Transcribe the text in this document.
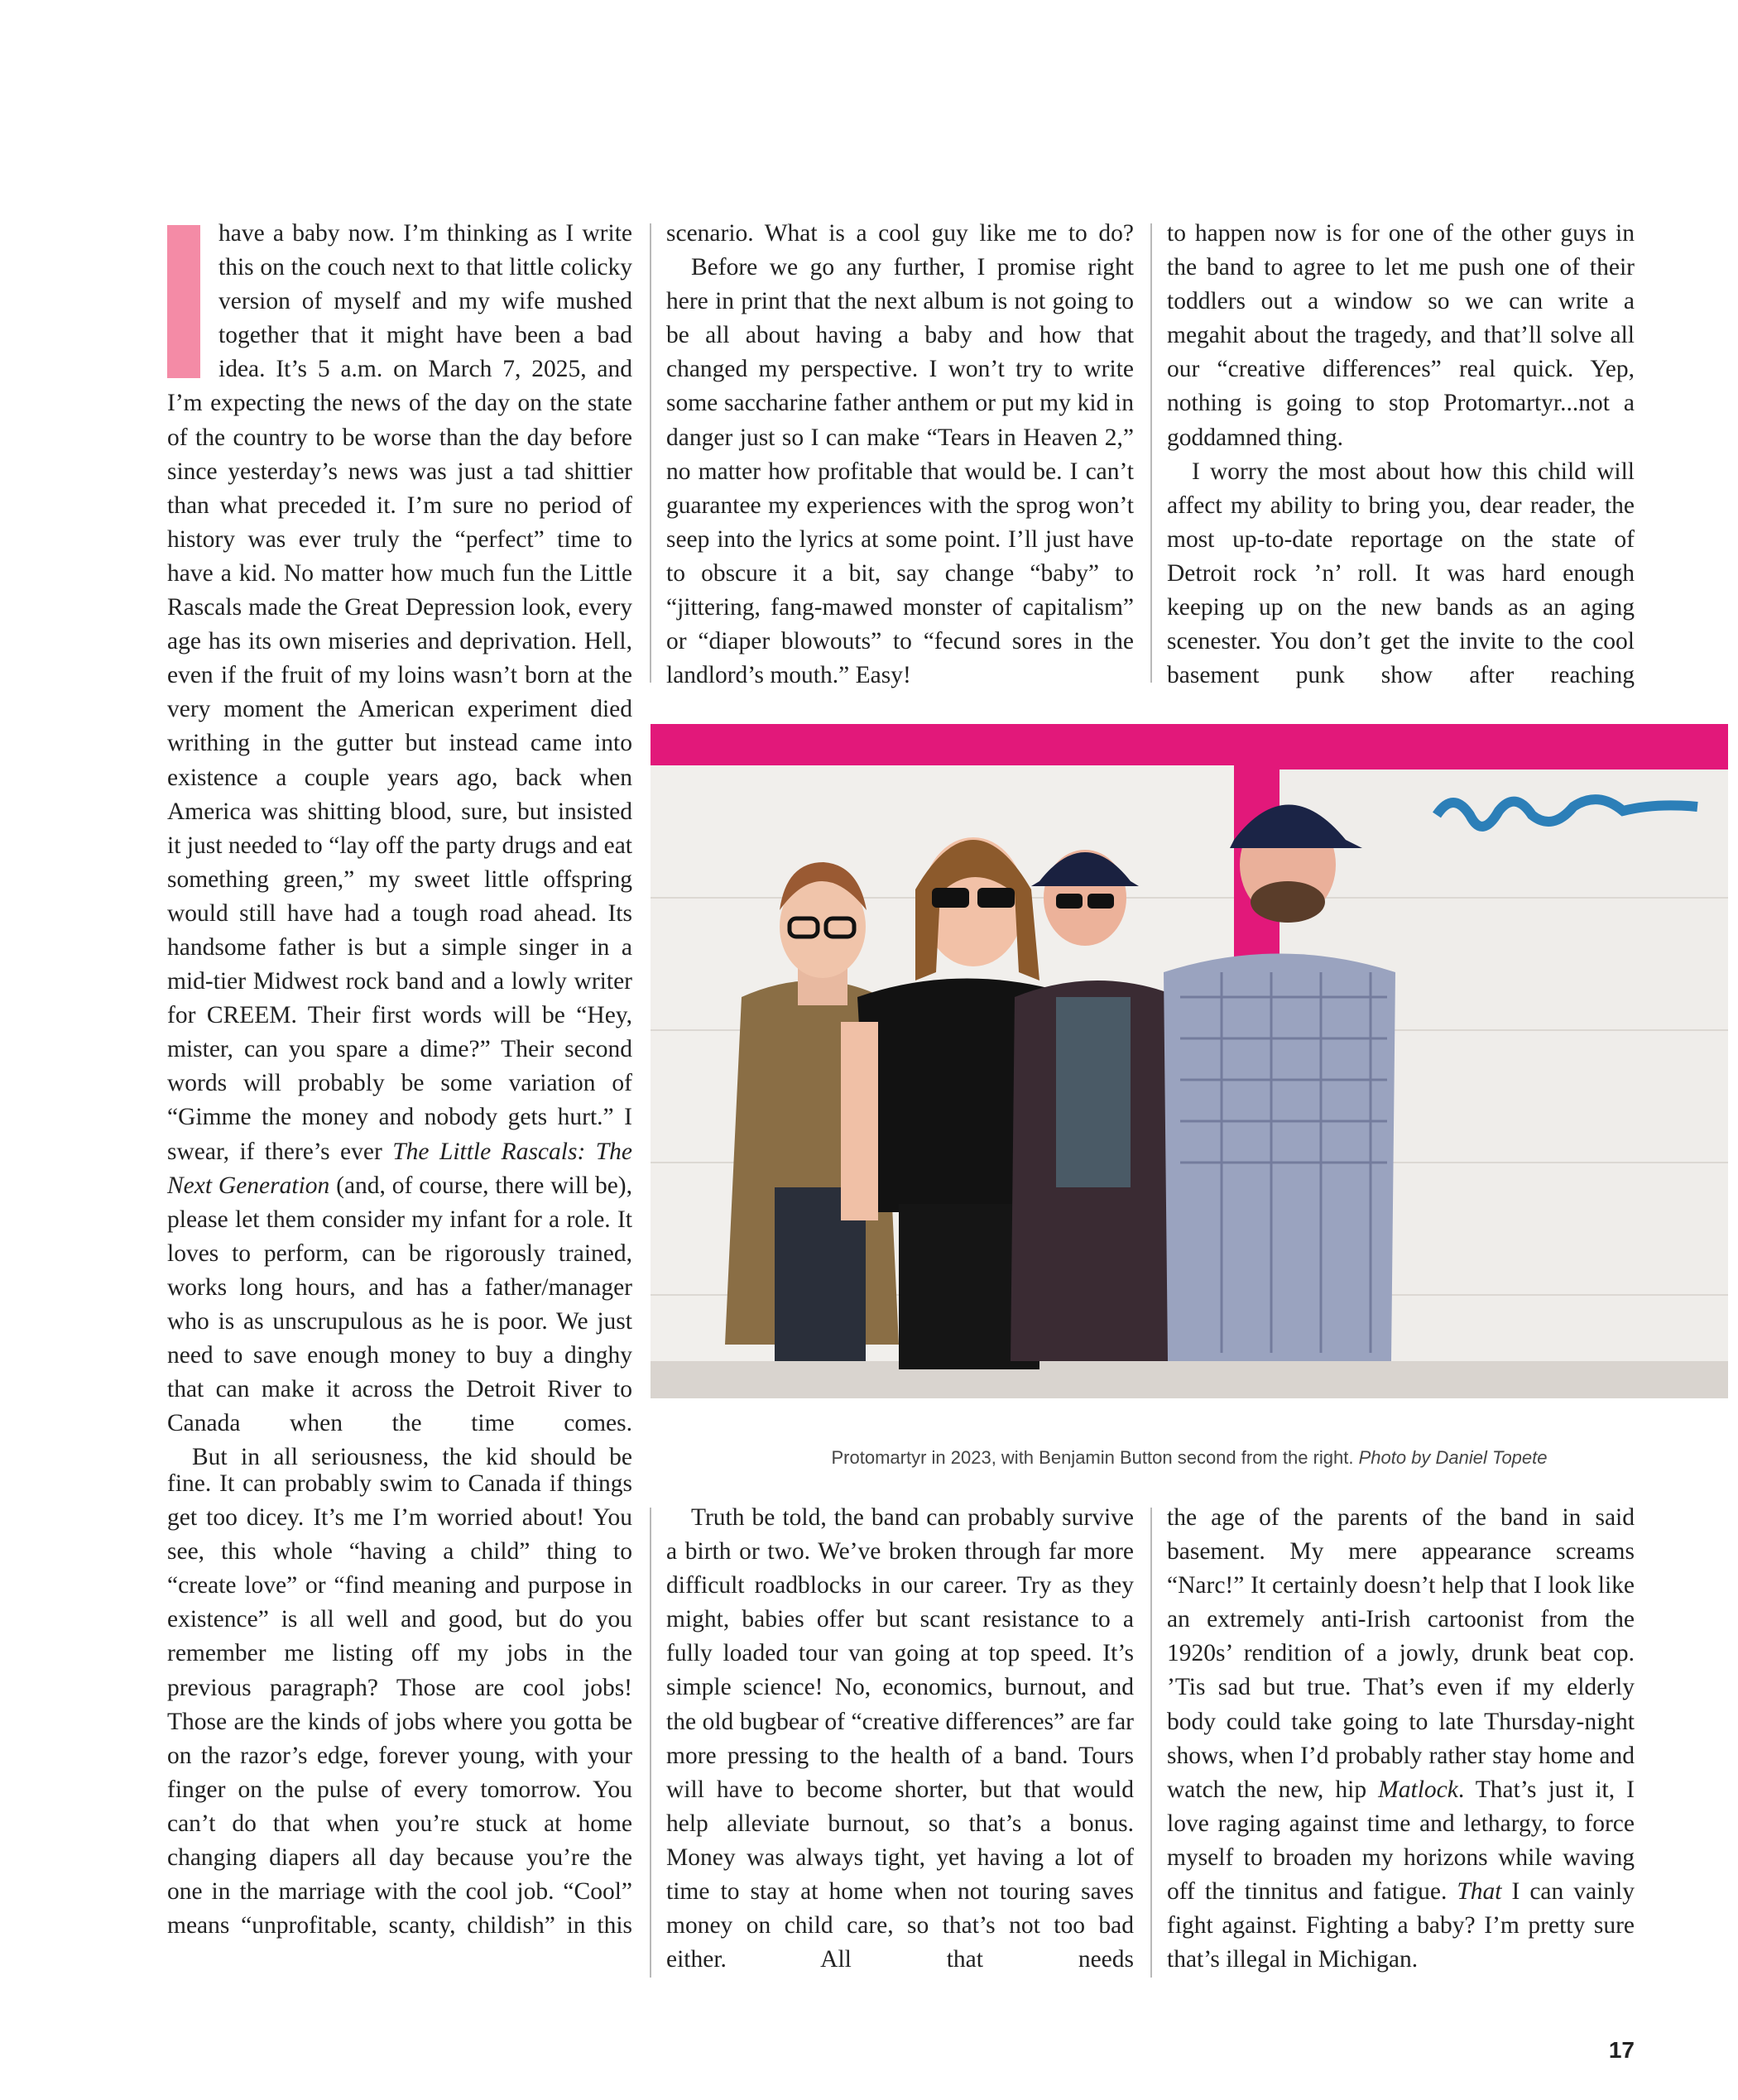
have a baby now. I’m thinking as I write this on the couch next to that little colicky version of myself and my wife mushed together that it might have been a bad idea. It’s 5 a.m. on March 7, 2025, and I’m expecting the news of the day on the state of the country to be worse than the day before since yesterday’s news was just a tad shittier than what preceded it. I’m sure no period of history was ever truly the “perfect” time to have a kid. No matter how much fun the Little Rascals made the Great Depression look, every age has its own miseries and deprivation. Hell, even if the fruit of my loins wasn’t born at the very moment the American experiment died writhing in the gutter but instead came into existence a couple years ago, back when America was shitting blood, sure, but insisted it just needed to “lay off the party drugs and eat something green,” my sweet little offspring would still have had a tough road ahead. Its handsome father is but a simple singer in a mid-tier Midwest rock band and a lowly writer for CREEM. Their first words will be “Hey, mister, can you spare a dime?” Their second words will probably be some variation of “Gimme the money and nobody gets hurt.” I swear, if there’s ever The Little Rascals: The Next Generation (and, of course, there will be), please let them consider my infant for a role. It loves to perform, can be rigorously trained, works long hours, and has a father/manager who is as unscrupulous as he is poor. We just need to save enough money to buy a dinghy that can make it across the Detroit River to Canada when the time comes.

But in all seriousness, the kid should be

scenario. What is a cool guy like me to do?

Before we go any further, I promise right here in print that the next album is not going to be all about having a baby and how that changed my perspective. I won’t try to write some saccharine father anthem or put my kid in danger just so I can make “Tears in Heaven 2,” no matter how profitable that would be. I can’t guarantee my experiences with the sprog won’t seep into the lyrics at some point. I’ll just have to obscure it a bit, say change “baby” to “jittering, fang-mawed monster of capitalism” or “diaper blowouts” to “fecund sores in the landlord’s mouth.” Easy!

to happen now is for one of the other guys in the band to agree to let me push one of their toddlers out a window so we can write a megahit about the tragedy, and that’ll solve all our “creative differences” real quick. Yep, nothing is going to stop Protomartyr...not a goddamned thing.

I worry the most about how this child will affect my ability to bring you, dear reader, the most up-to-date reportage on the state of Detroit rock ’n’ roll. It was hard enough keeping up on the new bands as an aging scenester. You don’t get the invite to the cool basement punk show after reaching

Protomartyr in 2023, with Benjamin Button second from the right. Photo by Daniel Topete

fine. It can probably swim to Canada if things get too dicey. It’s me I’m worried about! You see, this whole “having a child” thing to “create love” or “find meaning and purpose in existence” is all well and good, but do you remember me listing off my jobs in the previous paragraph? Those are cool jobs! Those are the kinds of jobs where you gotta be on the razor’s edge, forever young, with your finger on the pulse of every tomorrow. You can’t do that when you’re stuck at home changing diapers all day because you’re the one in the marriage with the cool job. “Cool” means “unprofitable, scanty, childish” in this

Truth be told, the band can probably survive a birth or two. We’ve broken through far more difficult roadblocks in our career. Try as they might, babies offer but scant resistance to a fully loaded tour van going at top speed. It’s simple science! No, economics, burnout, and the old bugbear of “creative differences” are far more pressing to the health of a band. Tours will have to become shorter, but that would help alleviate burnout, so that’s a bonus. Money was always tight, yet having a lot of time to stay at home when not touring saves money on child care, so that’s not too bad either. All that needs

the age of the parents of the band in said basement. My mere appearance screams “Narc!” It certainly doesn’t help that I look like an extremely anti-Irish cartoonist from the 1920s’ rendition of a jowly, drunk beat cop. ’Tis sad but true. That’s even if my elderly body could take going to late Thursday-night shows, when I’d probably rather stay home and watch the new, hip Matlock. That’s just it, I love raging against time and lethargy, to force myself to broaden my horizons while waving off the tinnitus and fatigue. That I can vainly fight against. Fighting a baby? I’m pretty sure that’s illegal in Michigan.

17
